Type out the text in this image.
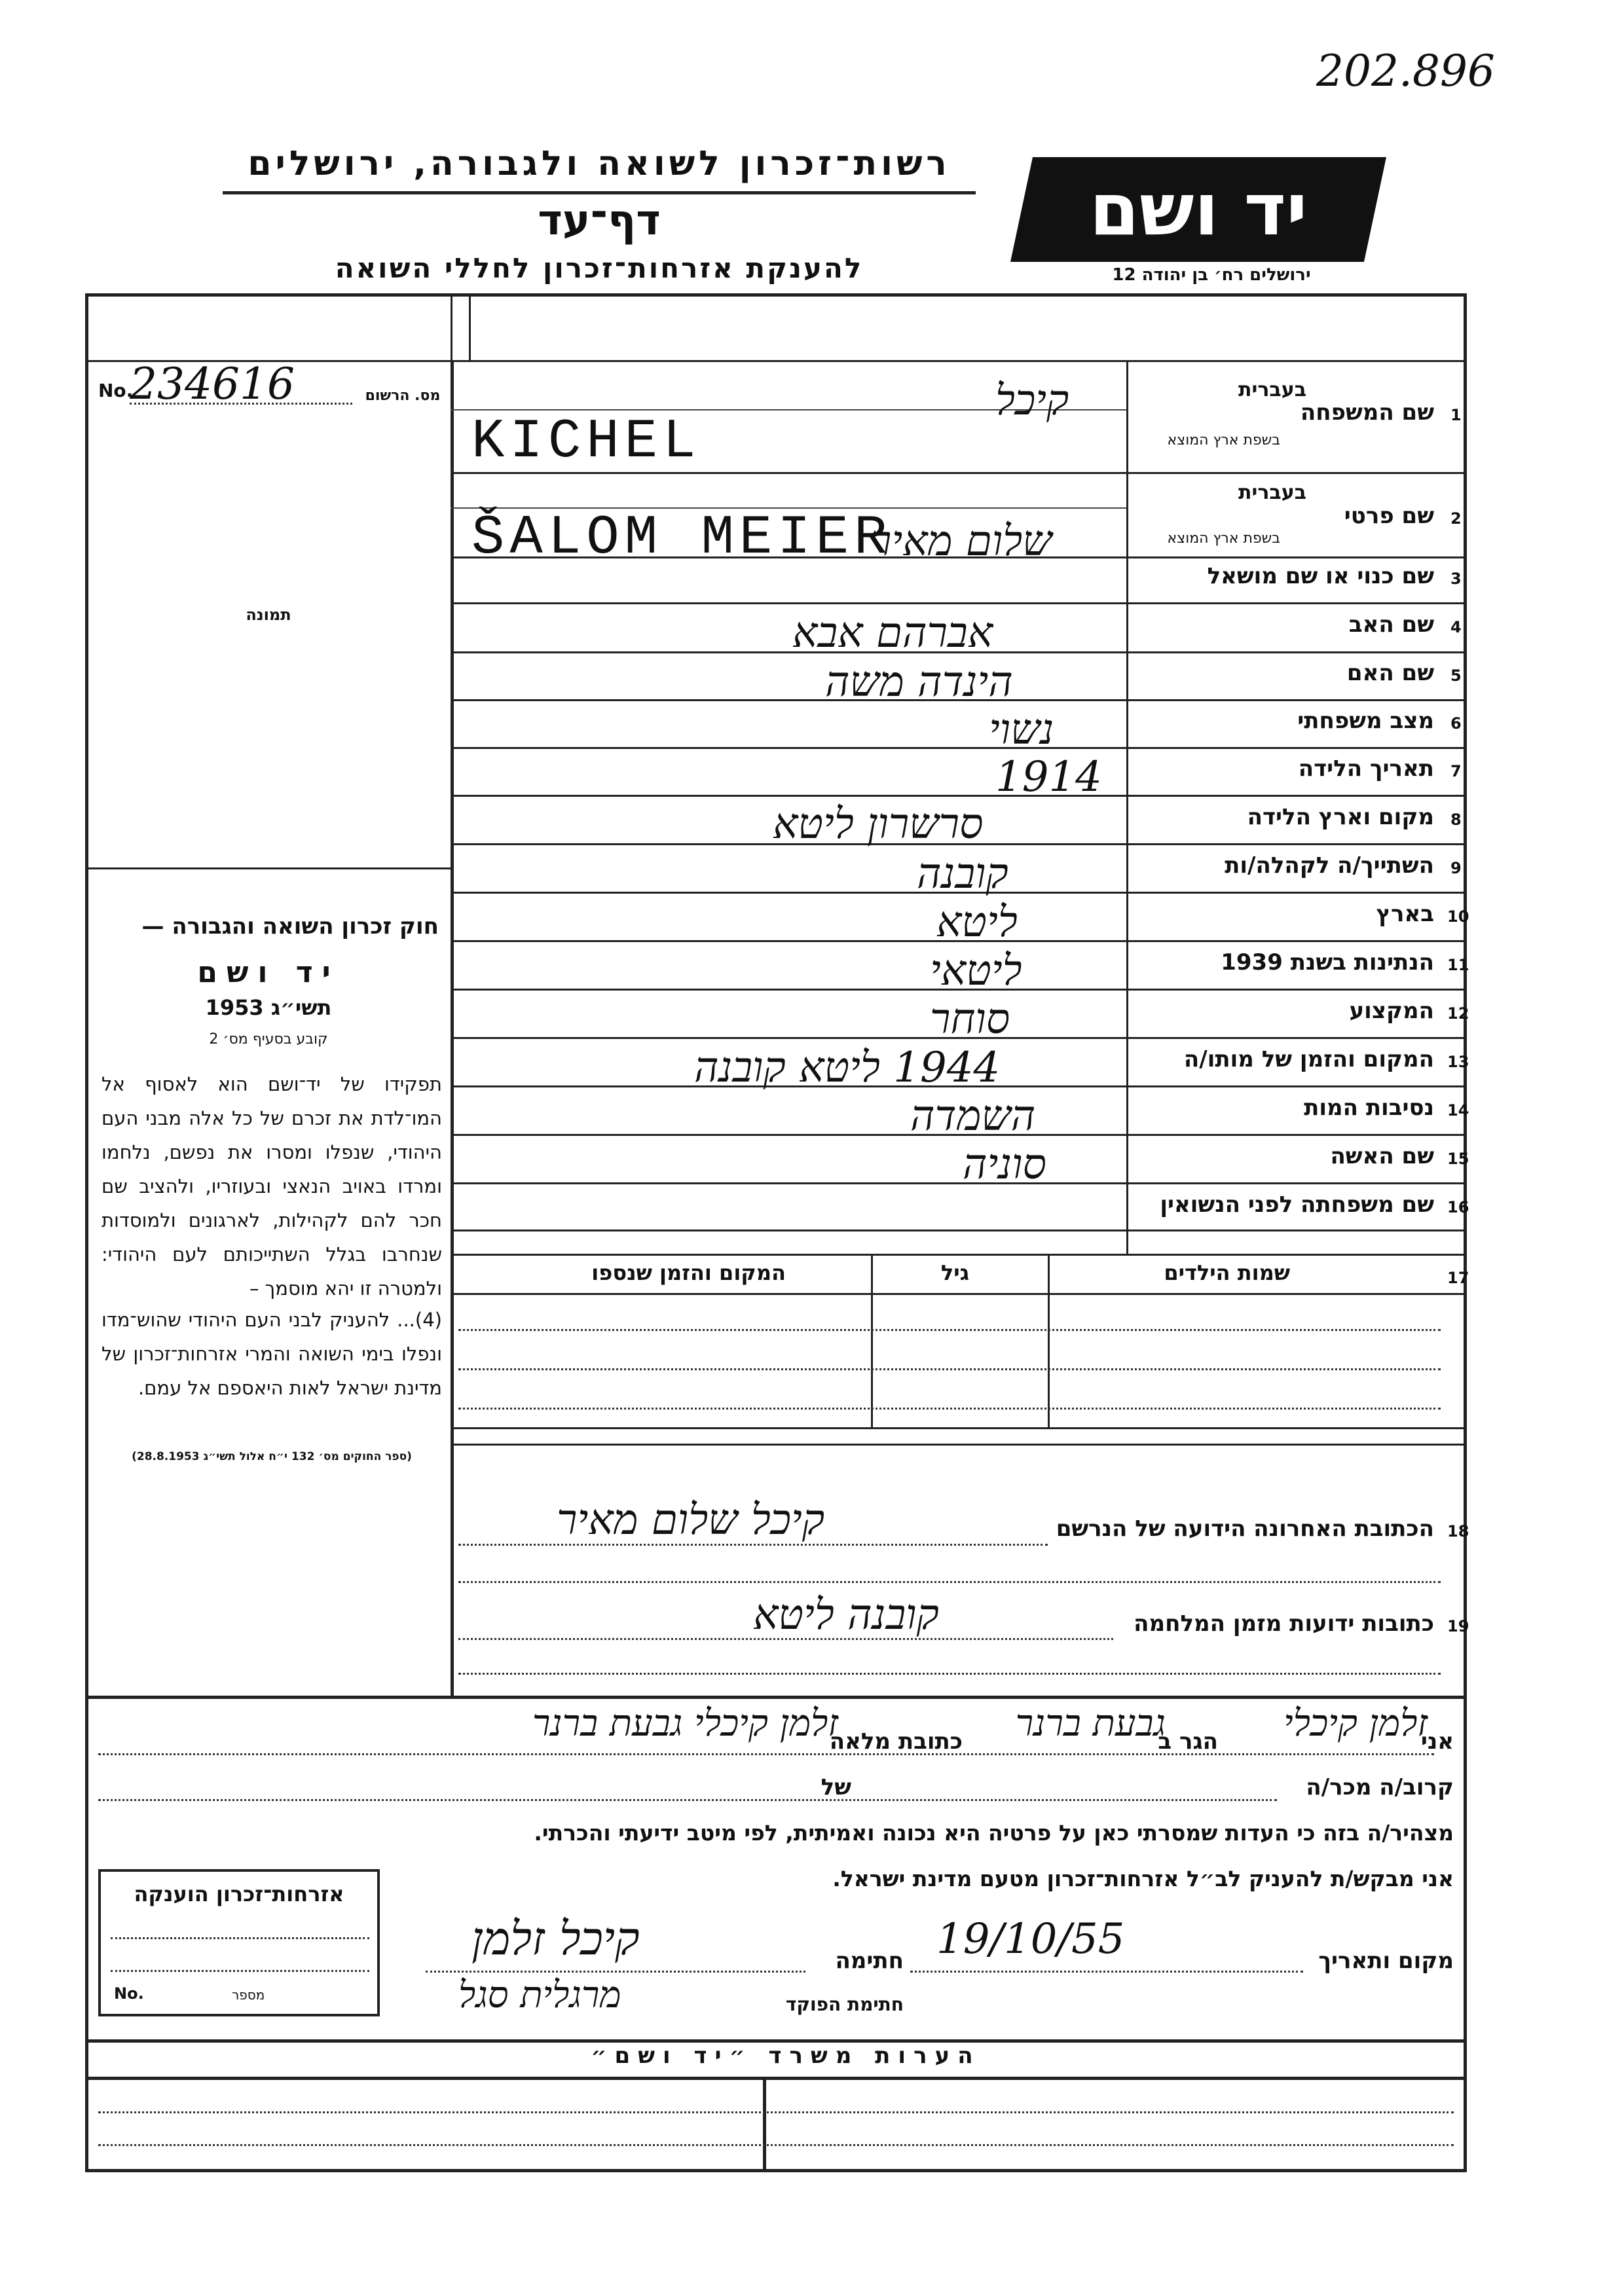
202.896
רשות־זכרון לשואה ולגבורה, ירושלים
דף־עד
להענקת אזרחות־זכרון לחללי השואה
יד ושם
ירושלים רח׳ בן יהודה 12
No.
234616	מס. הרשום
תמונה
חוק זכרון השואה והגבורה —
יד ושם
תשי״ג 1953
קובע בסעיף מס׳ 2
תפקידו של יד־ושם הוא לאסוף אל המו־לדת את זכרם של כל אלה מבני העם היהודי, שנפלו ומסרו את נפשם, נלחמו ומרדו באויב הנאצי ובעוזריו, ולהציב שם חכר להם לקהילות, לארגונים ולמוסדות שנחרבו בגלל השתייכותם לעם היהודי: ולמטרה זו יהא מוסמך –
(4)... להעניק לבני העם היהודי שהוש־מדו ונפלו בימי השואה והמרי אזרחות־זכרון של מדינת ישראל לאות היאספם אל עמם.
(ספר החוקים מס׳ 132 י״ח אלול תשי״ג 28.8.1953)
1
שם המשפחה
בעברית
בשפת ארץ המוצא
קיכל
KICHEL
2
שם פרטי
בעברית
בשפת ארץ המוצא
שלום מאיר
ŠALOM MEIER
3
שם כנוי או שם מושאל
4
שם האב
אברהם אבא
5
שם האם
הינדה משה
6
מצב משפחתי
נשוי
7
תאריך הלידה
1914
8
מקום וארץ הלידה
סרשרון ליטא
9
השתייך/ה לקהלה/ות
קובנה
10
בארץ
ליטא
11
הנתינות בשנת 1939
ליטאי
12
המקצוע
סוחר
13
המקום והזמן של מותו/ה
1944 ליטא קובנה
14
נסיבות המות
השמדה
15
שם האשה
סוניה
16
שם משפחתה לפני הנשואין
17
שמות הילדים
גיל
המקום והזמן שנספו
18
הכתובת האחרונה הידועה של הנרשם
קיכל שלום מאיר
19
כתובות ידועות מזמן המלחמה
קובנה ליטא
אני
זלמן קיכלי
הגר ב
גבעת ברנר
כתובת מלאה
זלמן קיכלי גבעת ברנר
קרוב/ה מכר/ה
של
מצהיר/ה בזה כי העדות שמסרתי כאן על פרטיה היא נכונה ואמיתית, לפי מיטב ידיעתי והכרתי.
אני מבקש/ת להעניק לב״ל אזרחות־זכרון מטעם מדינת ישראל.
אזרחות־זכרון הוענקה
No.	מספר
מקום ותאריך
19/10/55
חתימה
קיכל זלמן
חתימת הפוקד
מרגלית סגל
הערות משרד ״יד ושם״
